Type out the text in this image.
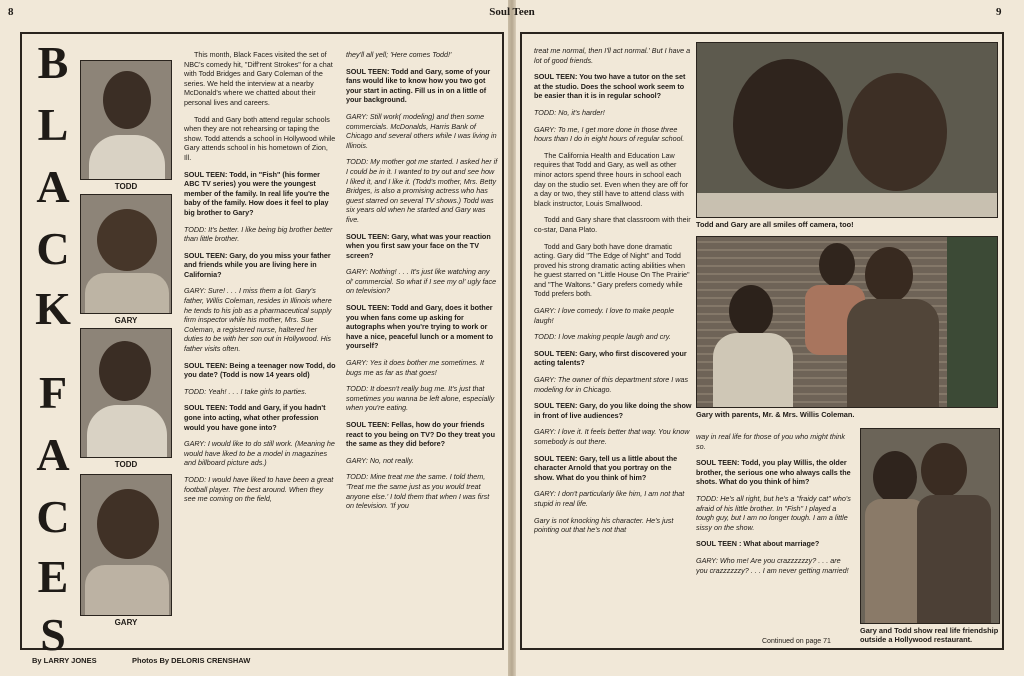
8
B
L
A
C
K
F
A
C
E
S
TODD
GARY
TODD
GARY

This month, Black Faces visited the set of NBC's comedy hit, "Diff'rent Strokes" for a chat with Todd Bridges and Gary Coleman of the series. We held the interview at a nearby McDonald's where we chatted about their personal lives and careers.

Todd and Gary both attend regular schools when they are not rehearsing or taping the show. Todd attends a school in Hollywood while Gary attends school in his hometown of Zion, Ill.

SOUL TEEN: Todd, in "Fish" (his former ABC TV series) you were the youngest member of the family. In real life you're the baby of the family. How does it feel to play big brother to Gary?

TODD: It's better. I like being big brother better than little brother.

SOUL TEEN: Gary, do you miss your father and friends while you are living here in California?

GARY: Sure! . . . I miss them a lot. Gary's father, Willis Coleman, resides in Illinois where he tends to his job as a pharmaceutical supply firm inspector while his mother, Mrs. Sue Coleman, a registered nurse, haltered her duties to be with her son out in Hollywood. His father visits often.

SOUL TEEN: Being a teenager now Todd, do you date? (Todd is now 14 years old)

TODD: Yeah! . . . I take girls to parties.

SOUL TEEN: Todd and Gary, if you hadn't gone into acting, what other profession would you have gone into?

GARY: I would like to do still work. (Meaning he would have liked to be a model in magazines and billboard picture ads.)

TODD: I would have liked to have been a great football player. The best around. When they see me coming on the field,

they'll all yell; 'Here comes Todd!'

SOUL TEEN: Todd and Gary, some of your fans would like to know how you two got your start in acting. Fill us in on a little of your background.

GARY: Still work( modeling) and then some commercials. McDonalds, Harris Bank of Chicago and several others while I was living in Illinois.

TODD: My mother got me started. I asked her if I could be in it. I wanted to try out and see how I liked it, and I like it. (Todd's mother, Mrs. Betty Bridges, is also a promising actress who has guest starred on several TV shows.) Todd was six years old when he started and Gary was five.

SOUL TEEN: Gary, what was your reaction when you first saw your face on the TV screen?

GARY: Nothing! . . . It's just like watching any ol' commercial. So what if I see my ol' ugly face on television?

SOUL TEEN: Todd and Gary, does it bother you when fans come up asking for autographs when you're trying to work or have a nice, peaceful lunch or a moment to yourself?

GARY: Yes it does bother me sometimes. It bugs me as far as that goes!

TODD: It doesn't really bug me. It's just that sometimes you wanna be left alone, especially when you're eating.

SOUL TEEN: Fellas, how do your friends react to you being on TV? Do they treat you the same as they did before?

GARY: No, not really.

TODD: Mine treat me the same. I told them, 'Treat me the same just as you would treat anyone else.' I told them that when I was first on television. 'If you

By LARRY JONES	Photos By DELORIS CRENSHAW
9

treat me normal, then I'll act normal.' But I have a lot of good friends.

SOUL TEEN: You two have a tutor on the set at the studio. Does the school work seem to be easier than it is in regular school?

TODD: No, it's harder!

GARY: To me, I get more done in those three hours than I do in eight hours of regular school.

The California Health and Education Law requires that Todd and Gary, as well as other minor actors spend three hours in school each day on the studio set. Even when they are off for a day or two, they still have to attend class with black instructor, Louis Smallwood.

Todd and Gary share that classroom with their co-star, Dana Plato.

Todd and Gary both have done dramatic acting. Gary did "The Edge of Night" and Todd proved his strong dramatic acting abilities when he guest starred on "Little House On The Prairie" and "The Waltons." Gary prefers comedy while Todd prefers both.

GARY: I love comedy. I love to make people laugh!

TODD: I love making people laugh and cry.

SOUL TEEN: Gary, who first discovered your acting talents?

GARY: The owner of this department store I was modeling for in Chicago.

SOUL TEEN: Gary, do you like doing the show in front of live audiences?

GARY: I love it. It feels better that way. You know somebody is out there.

SOUL TEEN: Gary, tell us a little about the character Arnold that you portray on the show. What do you think of him?

GARY: I don't particularly like him, I am not that stupid in real life.

Gary is not knocking his character. He's just pointing out that he's not that

Todd and Gary are all smiles off camera, too!
Gary with parents, Mr. & Mrs. Willis Coleman.

way in real life for those of you who might think so.

SOUL TEEN: Todd, you play Willis, the older brother, the serious one who always calls the shots. What do you think of him?

TODD: He's all right, but he's a "fraidy cat" who's afraid of his little brother. In "Fish" I played a tough guy, but I am no longer tough. I am a little sissy on the show.

SOUL TEEN : What about marriage?

GARY: Who me! Are you crazzzzzzy? . . . are you crazzzzzzy? . . . I am never getting married!

Gary and Todd show real life friendship outside a Hollywood restaurant.
Continued on page 71
Soul Teen
